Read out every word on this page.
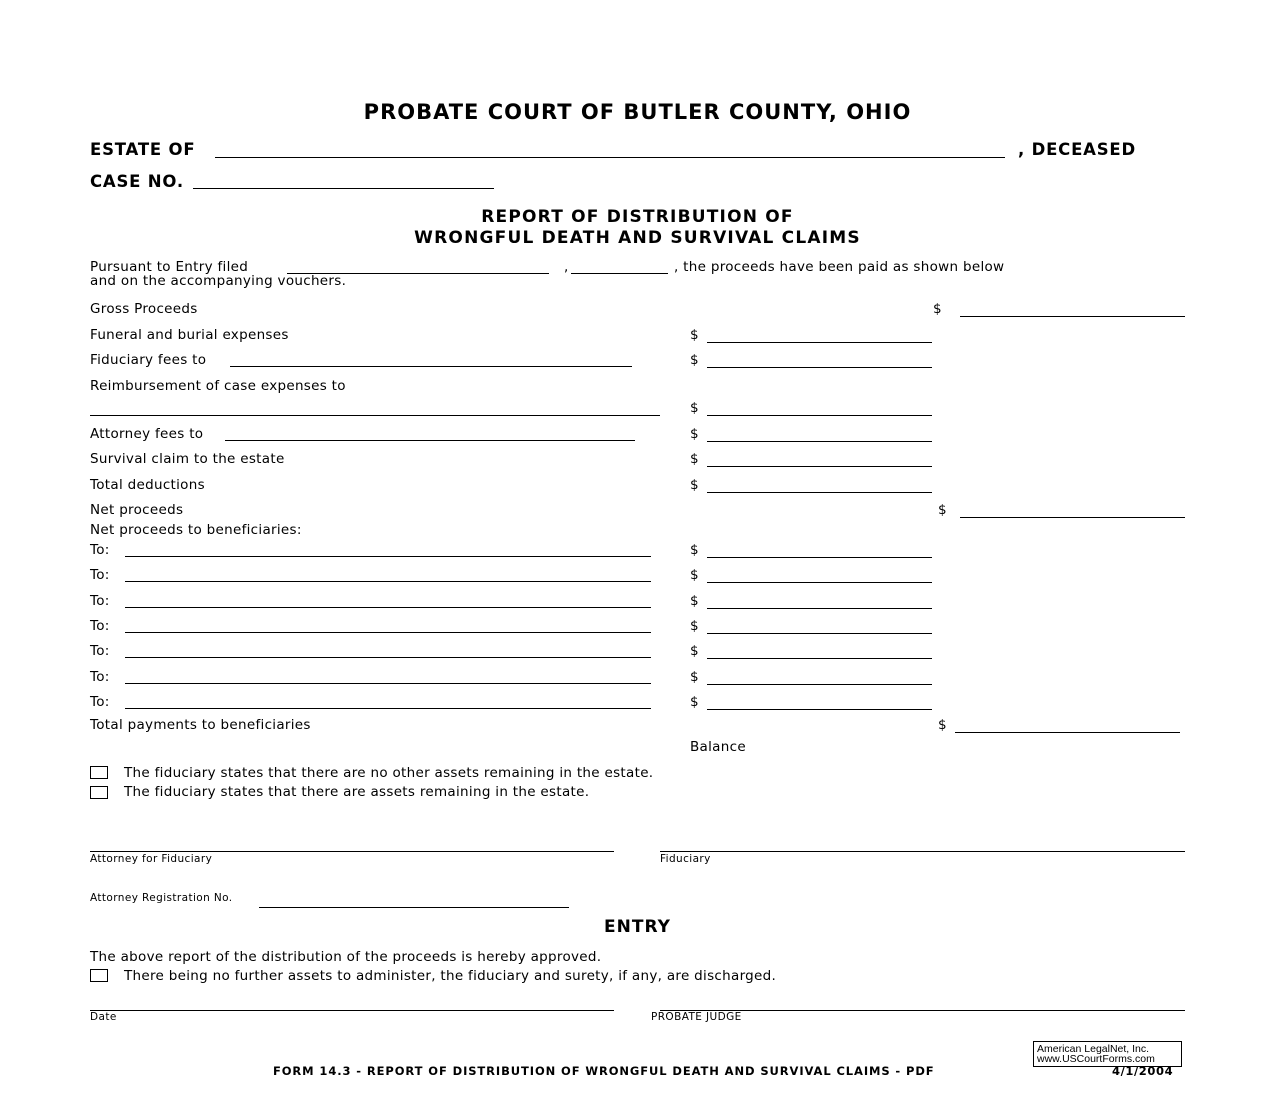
PROBATE COURT OF BUTLER COUNTY, OHIO
ESTATE OF	, DECEASED
CASE NO.
REPORT OF DISTRIBUTION OF
WRONGFUL DEATH AND SURVIVAL CLAIMS
Pursuant to Entry filed	,	, the proceeds have been paid as shown below
and on the accompanying vouchers.
Gross Proceeds	$
Funeral and burial expenses	$
Fiduciary fees to	$
Reimbursement of case expenses to
$
Attorney fees to	$
Survival claim to the estate	$
Total deductions	$
Net proceeds	$
Net proceeds to beneficiaries:
To:	$
To:	$
To:	$
To:	$
To:	$
To:	$
To:	$
Total payments to beneficiaries	$
Balance
The fiduciary states that there are no other assets remaining in the estate.
The fiduciary states that there are assets remaining in the estate.
Attorney for Fiduciary	Fiduciary
Attorney Registration No.
ENTRY
The above report of the distribution of the proceeds is hereby approved.
There being no further assets to administer, the fiduciary and surety, if any, are discharged.
Date	PROBATE JUDGE
American LegalNet, Inc.
www.USCourtForms.com
FORM 14.3 - REPORT OF DISTRIBUTION OF WRONGFUL DEATH AND SURVIVAL CLAIMS - PDF	4/1/2004
